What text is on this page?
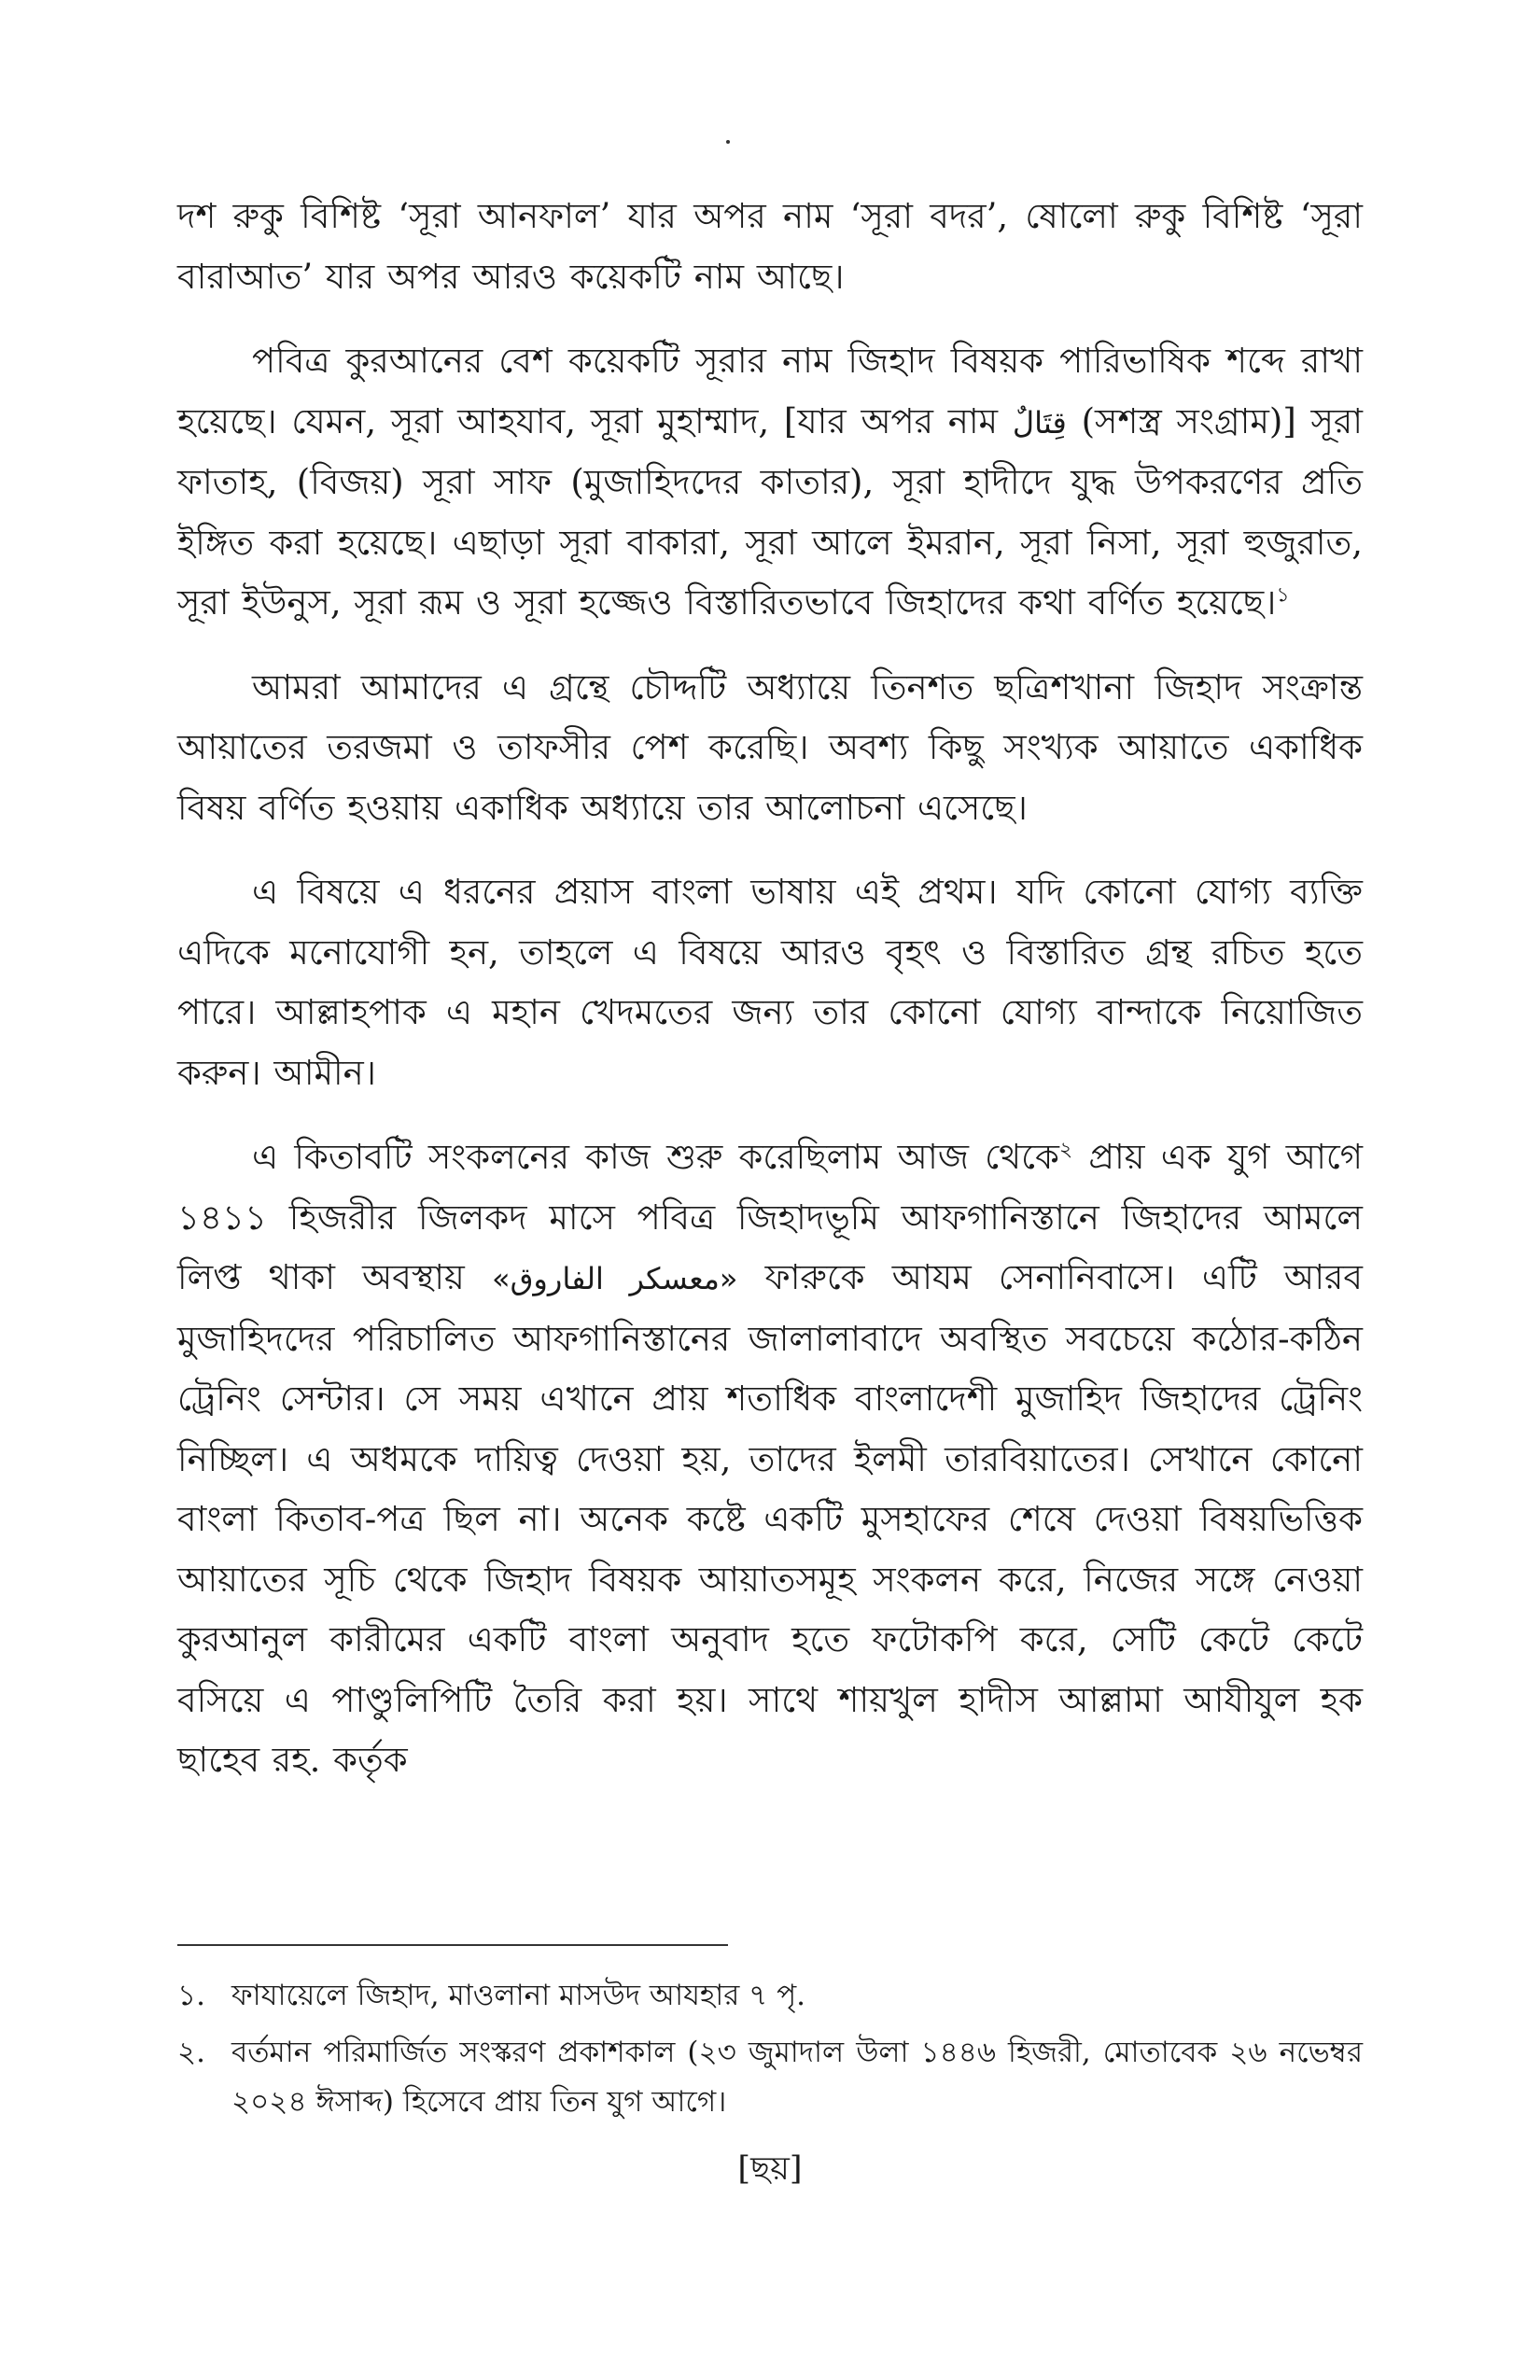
দশ রুকু বিশিষ্ট ‘সূরা আনফাল’ যার অপর নাম ‘সূরা বদর’, ষোলো রুকু বিশিষ্ট ‘সূরা বারাআত’ যার অপর আরও কয়েকটি নাম আছে।

পবিত্র কুরআনের বেশ কয়েকটি সূরার নাম জিহাদ বিষয়ক পারিভাষিক শব্দে রাখা হয়েছে। যেমন, সূরা আহযাব, সূরা মুহাম্মাদ, [যার অপর নাম قِتَالٌ (সশস্ত্র সংগ্রাম)] সূরা ফাতাহ, (বিজয়) সূরা সাফ (মুজাহিদদের কাতার), সূরা হাদীদে যুদ্ধ উপকরণের প্রতি ইঙ্গিত করা হয়েছে। এছাড়া সূরা বাকারা, সূরা আলে ইমরান, সূরা নিসা, সূরা হুজুরাত, সূরা ইউনুস, সূরা রূম ও সূরা হজ্জেও বিস্তারিতভাবে জিহাদের কথা বর্ণিত হয়েছে।$^১$

আমরা আমাদের এ গ্রন্থে চৌদ্দটি অধ্যায়ে তিনশত ছত্রিশখানা জিহাদ সংক্রান্ত আয়াতের তরজমা ও তাফসীর পেশ করেছি। অবশ্য কিছু সংখ্যক আয়াতে একাধিক বিষয় বর্ণিত হওয়ায় একাধিক অধ্যায়ে তার আলোচনা এসেছে।

এ বিষয়ে এ ধরনের প্রয়াস বাংলা ভাষায় এই প্রথম। যদি কোনো যোগ্য ব্যক্তি এদিকে মনোযোগী হন, তাহলে এ বিষয়ে আরও বৃহৎ ও বিস্তারিত গ্রন্থ রচিত হতে পারে। আল্লাহপাক এ মহান খেদমতের জন্য তার কোনো যোগ্য বান্দাকে নিয়োজিত করুন। আমীন।

এ কিতাবটি সংকলনের কাজ শুরু করেছিলাম আজ থেকে$^২$ প্রায় এক যুগ আগে ১৪১১ হিজরীর জিলকদ মাসে পবিত্র জিহাদভূমি আফগানিস্তানে জিহাদের আমলে লিপ্ত থাকা অবস্থায় «معسكر الفاروق» ফারুকে আযম সেনানিবাসে। এটি আরব মুজাহিদদের পরিচালিত আফগানিস্তানের জালালাবাদে অবস্থিত সবচেয়ে কঠোর-কঠিন ট্রেনিং সেন্টার। সে সময় এখানে প্রায় শতাধিক বাংলাদেশী মুজাহিদ জিহাদের ট্রেনিং নিচ্ছিল। এ অধমকে দায়িত্ব দেওয়া হয়, তাদের ইলমী তারবিয়াতের। সেখানে কোনো বাংলা কিতাব-পত্র ছিল না। অনেক কষ্টে একটি মুসহাফের শেষে দেওয়া বিষয়ভিত্তিক আয়াতের সূচি থেকে জিহাদ বিষয়ক আয়াতসমূহ সংকলন করে, নিজের সঙ্গে নেওয়া কুরআনুল কারীমের একটি বাংলা অনুবাদ হতে ফটোকপি করে, সেটি কেটে কেটে বসিয়ে এ পাণ্ডুলিপিটি তৈরি করা হয়। সাথে শায়খুল হাদীস আল্লামা আযীযুল হক ছাহেব রহ. কর্তৃক

১. ফাযায়েলে জিহাদ, মাওলানা মাসউদ আযহার ৭ পৃ.
২. বর্তমান পরিমার্জিত সংস্করণ প্রকাশকাল (২৩ জুমাদাল উলা ১৪৪৬ হিজরী, মোতাবেক ২৬ নভেম্বর ২০২৪ ঈসাব্দ) হিসেবে প্রায় তিন যুগ আগে।
[ছয়]
